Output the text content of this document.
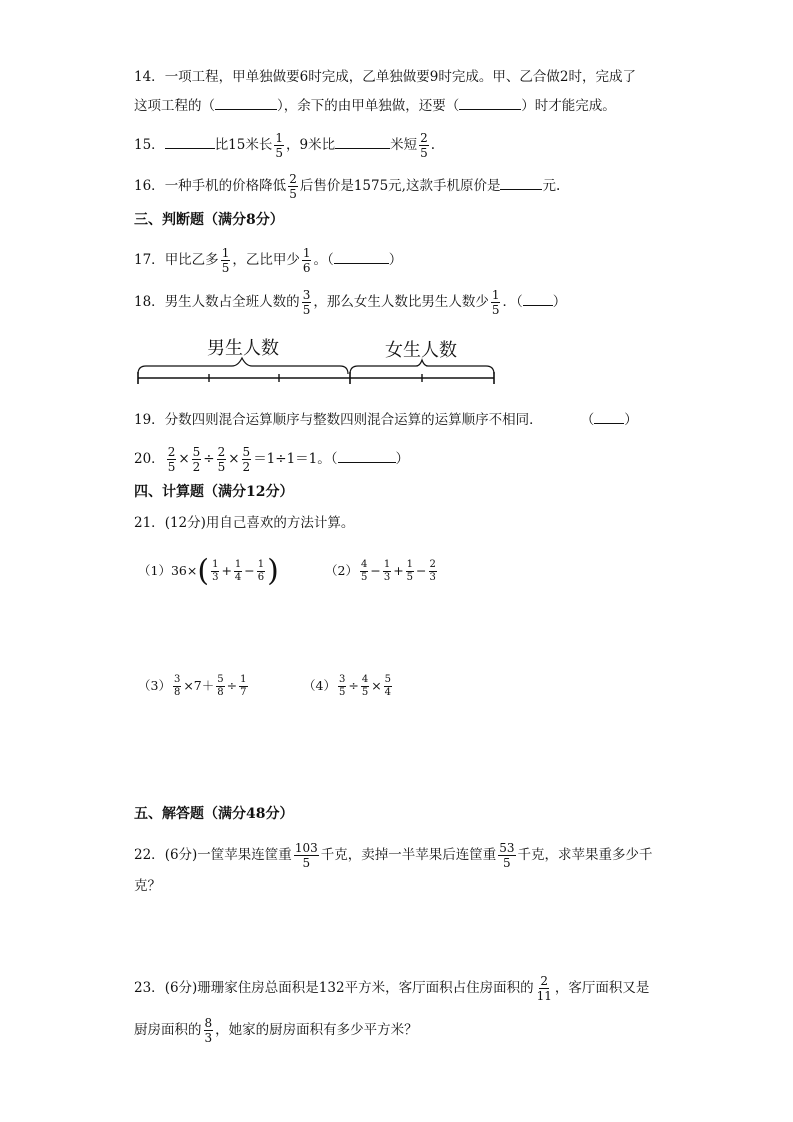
14．一项工程，甲单独做要6时完成，乙单独做要9时完成。甲、乙合做2时，完成了
这项工程的（	），余下的由甲单独做，还要（	）时才能完成。
15．	比15米长 $\frac{1}{5}$ ，9米比	米短 $\frac{2}{5}$ .
16．一种手机的价格降低 $\frac{2}{5}$ 后售价是1575元,这款手机原价是	元.
三、判断题（满分8分）
17．甲比乙多 $\frac{1}{5}$ ，乙比甲少 $\frac{1}{6}$ 。（	）
18．男生人数占全班人数的 $\frac{3}{5}$ ，那么女生人数比男生人数少 $\frac{1}{5}$ ．（ ）
男生人数	女生人数
19．分数四则混合运算顺序与整数四则混合运算的运算顺序不相同．	（ ）
20． $\frac{2}{5} \times \frac{5}{2} \div \frac{2}{5} \times \frac{5}{2} =1\div 1=1$。（	）
四、计算题（满分12分）
21．(12分)用自己喜欢的方法计算。
$(1)36\times( \frac{1}{3} + \frac{1}{4} - \frac{1}{6}$ )	$(2) \frac{4}{5} - \frac{1}{3} + \frac{1}{5} - \frac{2}{3}$
$(3) \frac{3}{8} \times 7+ \frac{5}{8} \div \frac{1}{7}$	$(4) \frac{3}{5} \div \frac{4}{5} \times \frac{5}{4}$
五、解答题（满分48分）
22．(6分)一筐苹果连筐重 $\frac{103}{5}$ 千克，卖掉一半苹果后连筐重 $\frac{53}{5}$ 千克，求苹果重多少千
克？
23．(6分)珊珊家住房总面积是132平方米，客厅面积占住房面积的 $\frac{2}{11}$ ，客厅面积又是
厨房面积的 $\frac{8}{3}$ ，她家的厨房面积有多少平方米？
